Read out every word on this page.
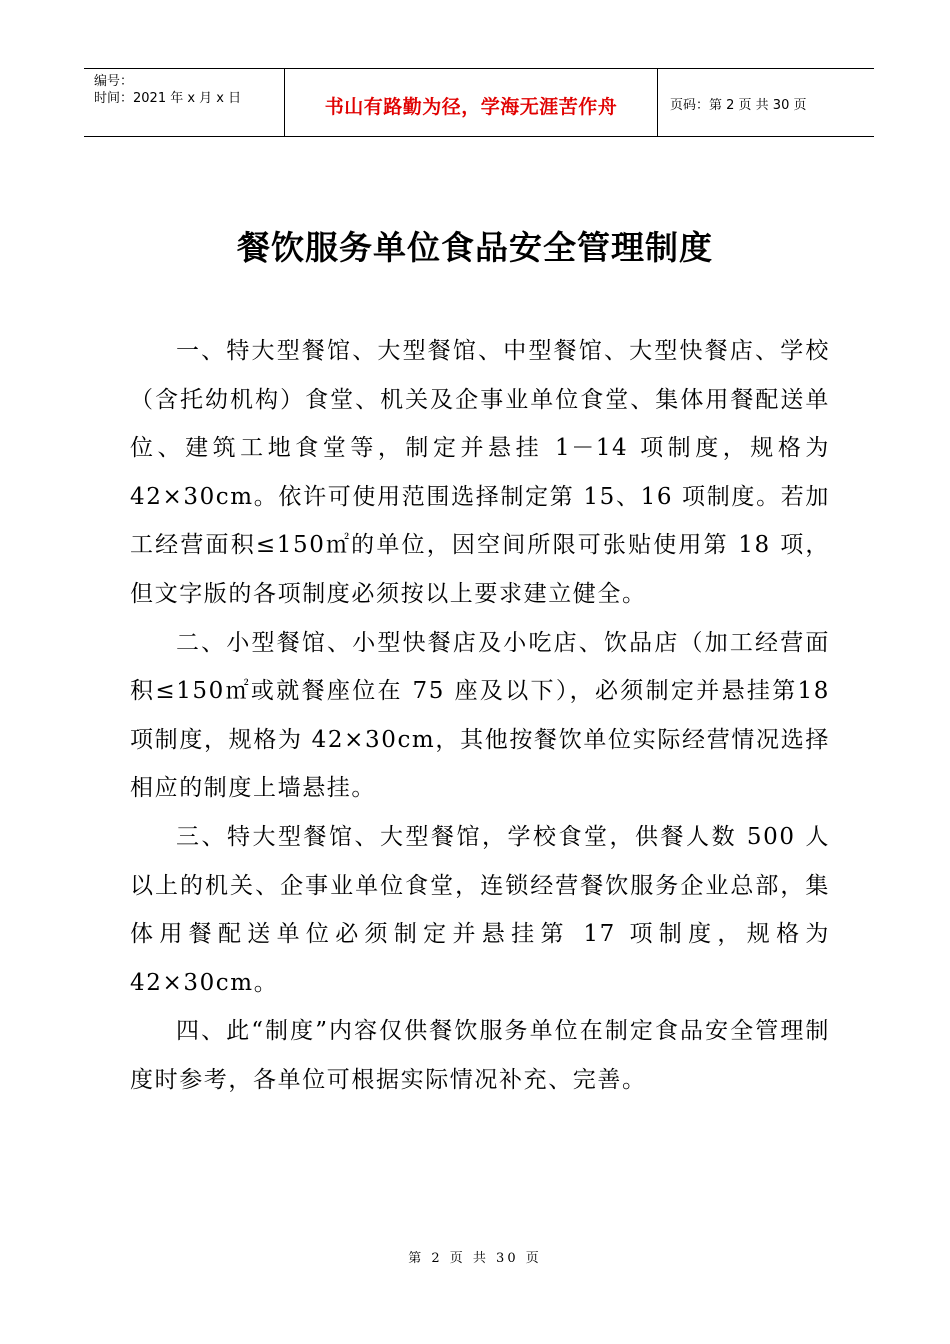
编号：
时间：2021 年 x 月 x 日	书山有路勤为径，学海无涯苦作舟	页码：第 2 页 共 30 页
餐饮服务单位食品安全管理制度

一、特大型餐馆、大型餐馆、中型餐馆、大型快餐店、学校（含托幼机构）食堂、机关及企事业单位食堂、集体用餐配送单位、建筑工地食堂等，制定并悬挂 1－14 项制度，规格为42×30cm。依许可使用范围选择制定第 15、16 项制度。若加工经营面积≤150㎡的单位，因空间所限可张贴使用第 18 项，但文字版的各项制度必须按以上要求建立健全。

二、小型餐馆、小型快餐店及小吃店、饮品店（加工经营面积≤150㎡或就餐座位在 75 座及以下），必须制定并悬挂第18 项制度，规格为 42×30cm，其他按餐饮单位实际经营情况选择相应的制度上墙悬挂。

三、特大型餐馆、大型餐馆，学校食堂，供餐人数 500 人以上的机关、企事业单位食堂，连锁经营餐饮服务企业总部，集体用餐配送单位必须制定并悬挂第 17 项制度，规格为42×30cm。

四、此“制度”内容仅供餐饮服务单位在制定食品安全管理制度时参考，各单位可根据实际情况补充、完善。

第 2 页 共 30 页
